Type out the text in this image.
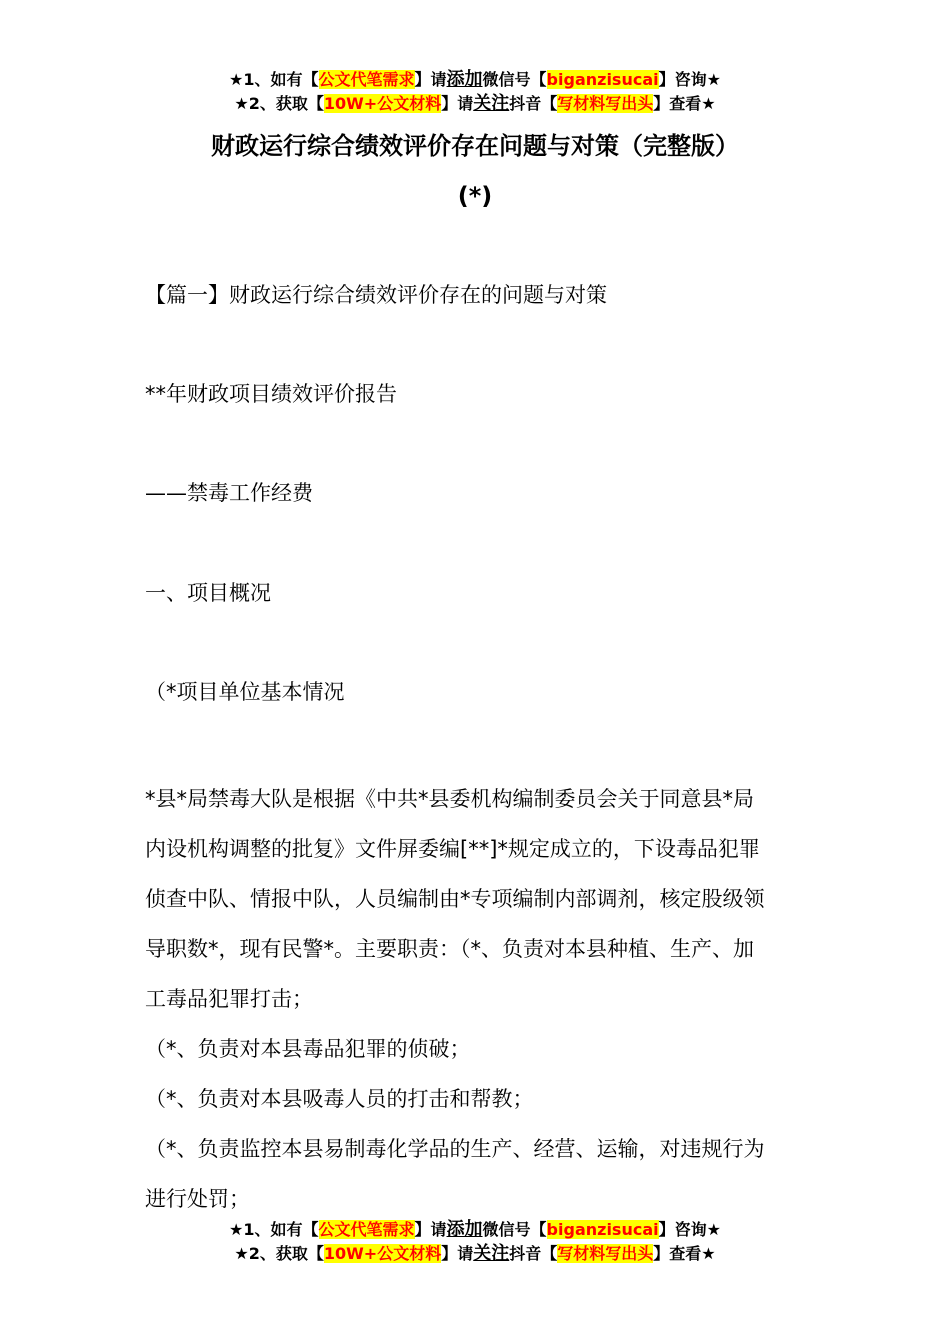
★1、如有【公文代笔需求】请添加微信号【biganzisucai】咨询★
★2、获取【10W+公文材料】请关注抖音【写材料写出头】查看★
财政运行综合绩效评价存在问题与对策（完整版）
(*)
【篇一】财政运行综合绩效评价存在的问题与对策
**年财政项目绩效评价报告
——禁毒工作经费
一、项目概况
（*项目单位基本情况
*县*局禁毒大队是根据《中共*县委机构编制委员会关于同意县*局
内设机构调整的批复》文件屏委编[**]*规定成立的，下设毒品犯罪
侦查中队、情报中队，人员编制由*专项编制内部调剂，核定股级领
导职数*，现有民警*。主要职责：（*、负责对本县种植、生产、加
工毒品犯罪打击；
（*、负责对本县毒品犯罪的侦破；
（*、负责对本县吸毒人员的打击和帮教；
（*、负责监控本县易制毒化学品的生产、经营、运输，对违规行为
进行处罚；
★1、如有【公文代笔需求】请添加微信号【biganzisucai】咨询★
★2、获取【10W+公文材料】请关注抖音【写材料写出头】查看★
